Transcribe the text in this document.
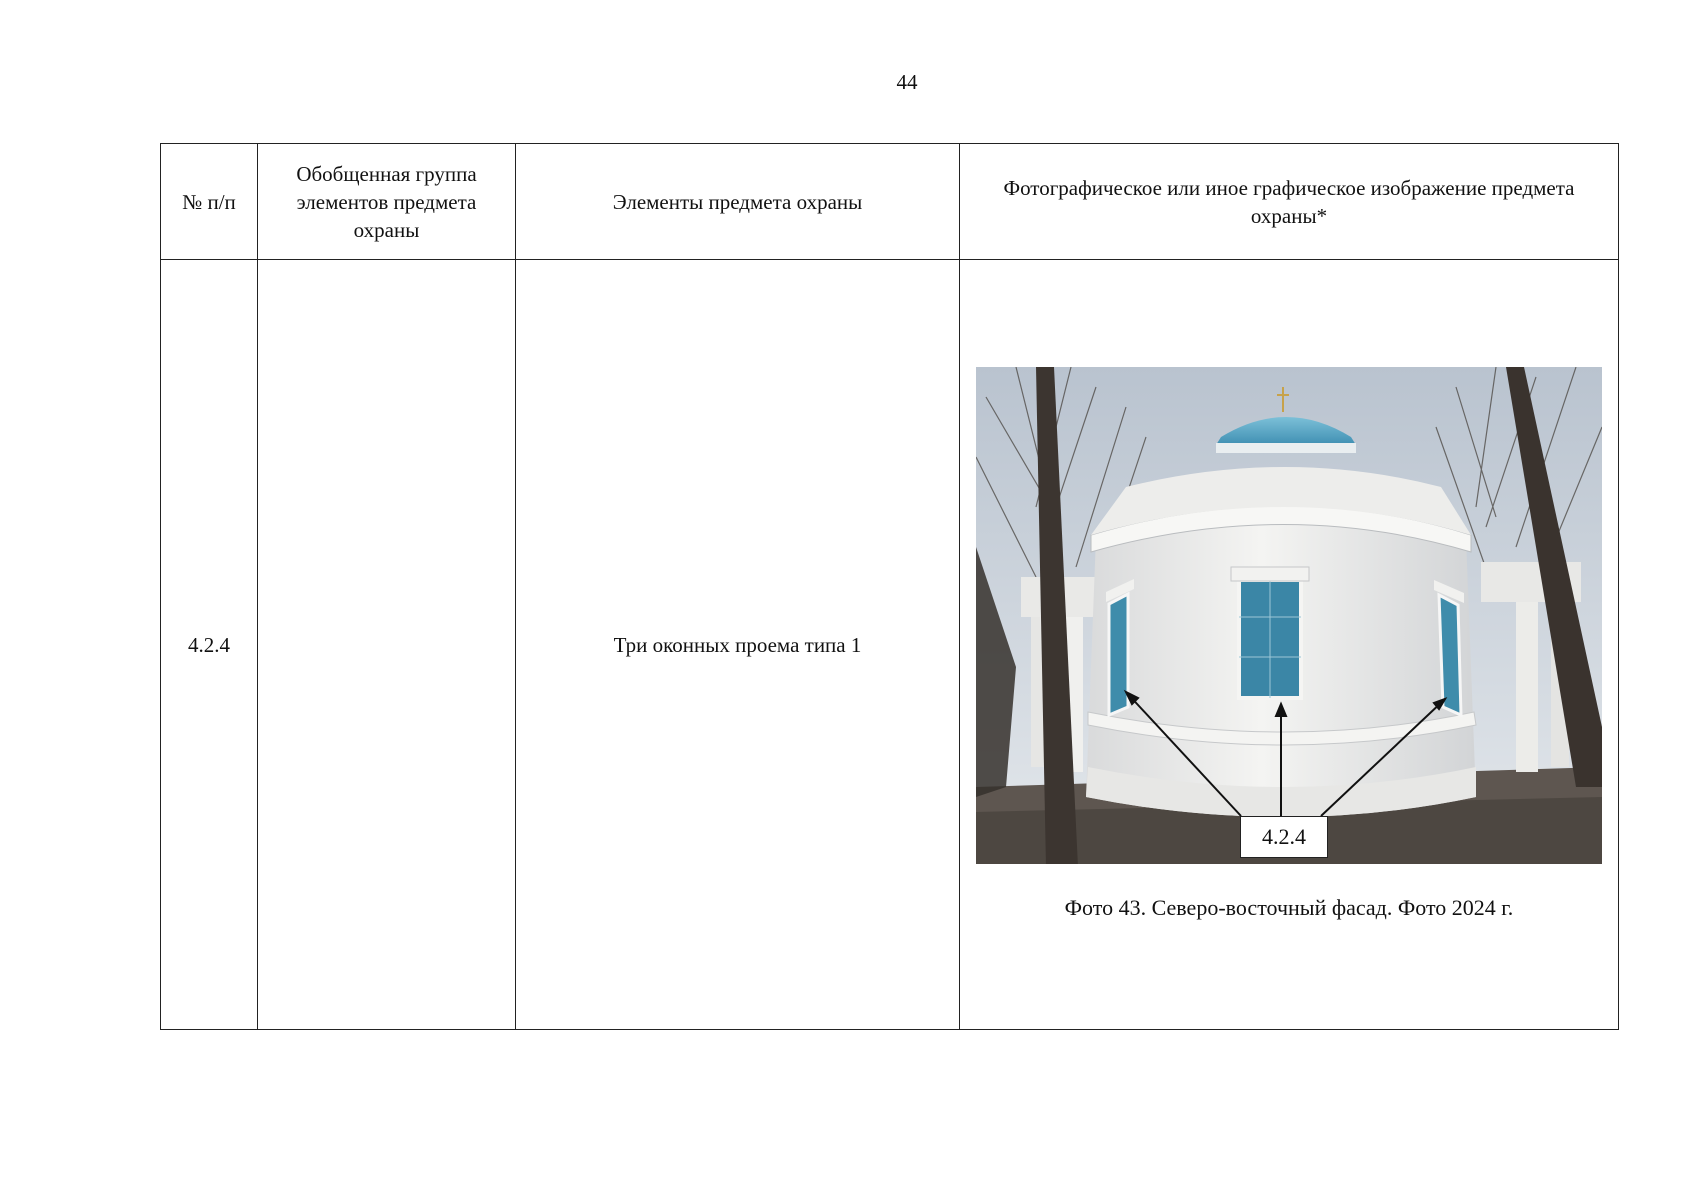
44
№ п/п	Обобщенная группа элементов предмета охраны	Элементы предмета охраны	Фотографическое или иное графическое изображение предмета охраны*
4.2.4		Три оконных проема типа 1	4.2.4
Фото 43. Северо-восточный фасад. Фото 2024 г.
